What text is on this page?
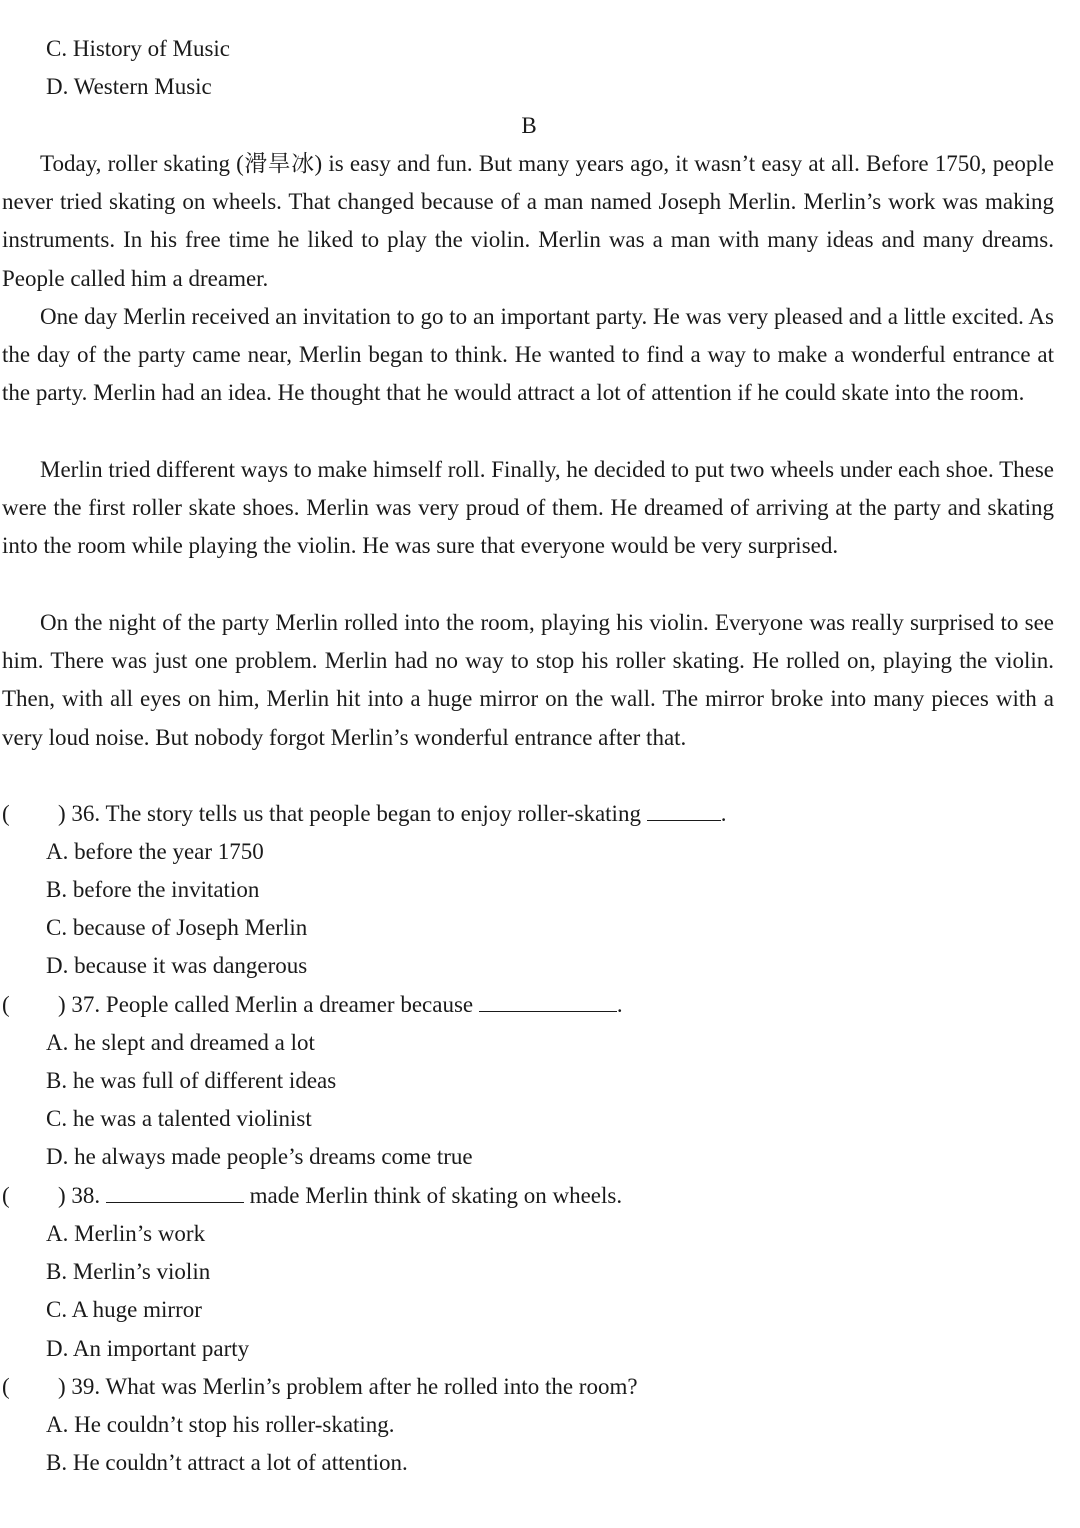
C. History of Music
D. Western Music
B

Today, roller skating (滑旱冰) is easy and fun. But many years ago, it wasn’t easy at all. Before 1750, people never tried skating on wheels. That changed because of a man named Joseph Merlin. Merlin’s work was making instruments. In his free time he liked to play the violin. Merlin was a man with many ideas and many dreams. People called him a dreamer.

One day Merlin received an invitation to go to an important party. He was very pleased and a little excited. As the day of the party came near, Merlin began to think. He wanted to find a way to make a wonderful entrance at the party. Merlin had an idea. He thought that he would attract a lot of attention if he could skate into the room.

Merlin tried different ways to make himself roll. Finally, he decided to put two wheels under each shoe. These were the first roller skate shoes. Merlin was very proud of them. He dreamed of arriving at the party and skating into the room while playing the violin. He was sure that everyone would be very surprised.

On the night of the party Merlin rolled into the room, playing his violin. Everyone was really surprised to see him. There was just one problem. Merlin had no way to stop his roller skating. He rolled on, playing the violin. Then, with all eyes on him, Merlin hit into a huge mirror on the wall. The mirror broke into many pieces with a very loud noise. But nobody forgot Merlin’s wonderful entrance after that.

( ) 36. The story tells us that people began to enjoy roller-skating	.
A. before the year 1750
B. before the invitation
C. because of Joseph Merlin
D. because it was dangerous
( ) 37. People called Merlin a dreamer because	.
A. he slept and dreamed a lot
B. he was full of different ideas
C. he was a talented violinist
D. he always made people’s dreams come true
( ) 38.	made Merlin think of skating on wheels.
A. Merlin’s work
B. Merlin’s violin
C. A huge mirror
D. An important party
( ) 39. What was Merlin’s problem after he rolled into the room?
A. He couldn’t stop his roller-skating.
B. He couldn’t attract a lot of attention.
